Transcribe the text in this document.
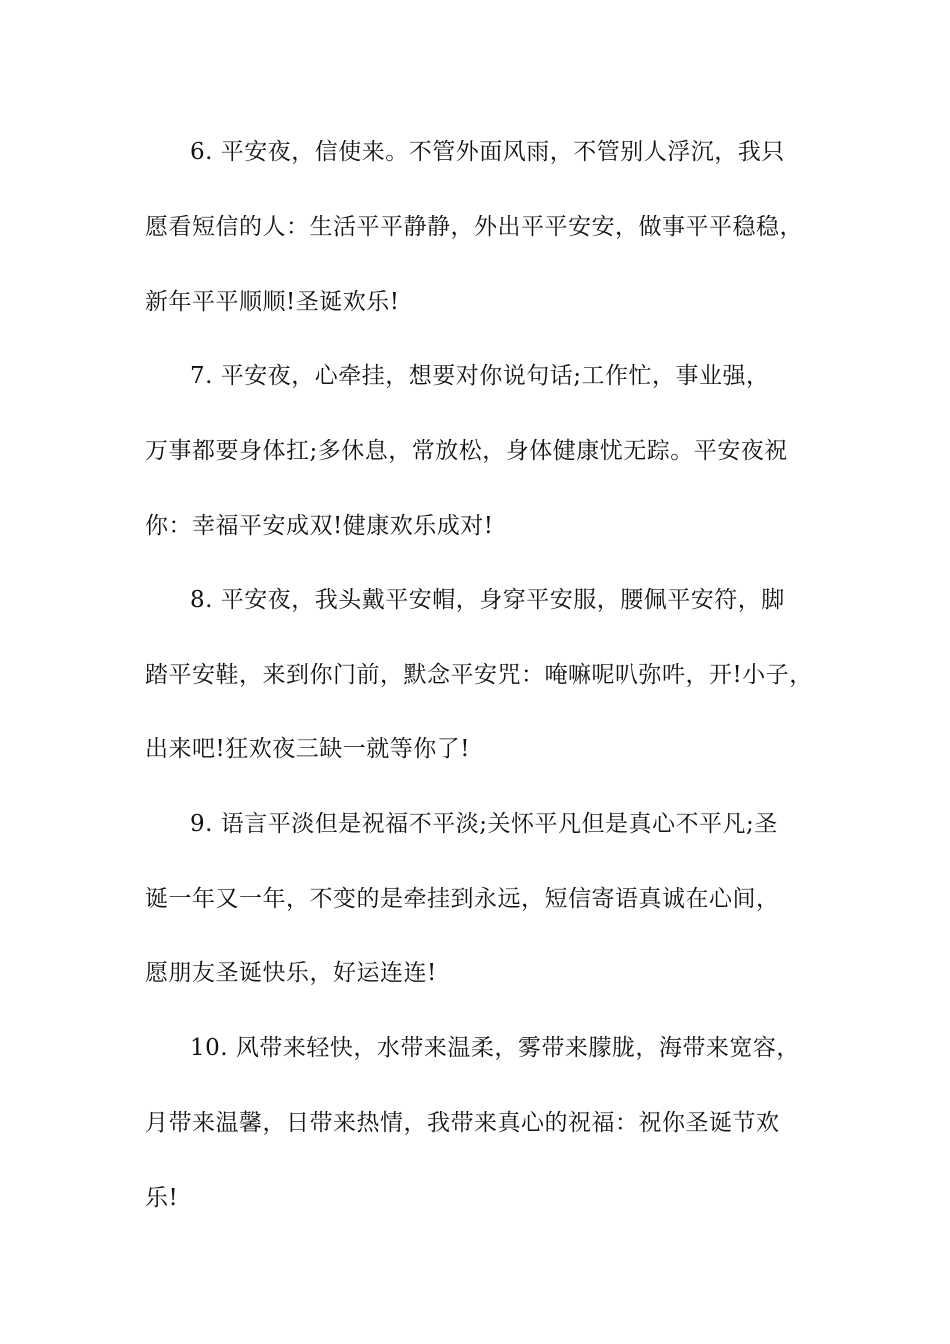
6. 平安夜，信使来。不管外面风雨，不管别人浮沉，我只
愿看短信的人：生活平平静静，外出平平安安，做事平平稳稳，
新年平平顺顺!圣诞欢乐!
7. 平安夜，心牵挂，想要对你说句话;工作忙，事业强，
万事都要身体扛;多休息，常放松，身体健康忧无踪。平安夜祝
你：幸福平安成双!健康欢乐成对!
8. 平安夜，我头戴平安帽，身穿平安服，腰佩平安符，脚
踏平安鞋，来到你门前，默念平安咒：唵嘛呢叭弥吽，开!小子，
出来吧!狂欢夜三缺一就等你了!
9. 语言平淡但是祝福不平淡;关怀平凡但是真心不平凡;圣
诞一年又一年，不变的是牵挂到永远，短信寄语真诚在心间，
愿朋友圣诞快乐，好运连连!
10. 风带来轻快，水带来温柔，雾带来朦胧，海带来宽容，
月带来温馨，日带来热情，我带来真心的祝福：祝你圣诞节欢
乐!
